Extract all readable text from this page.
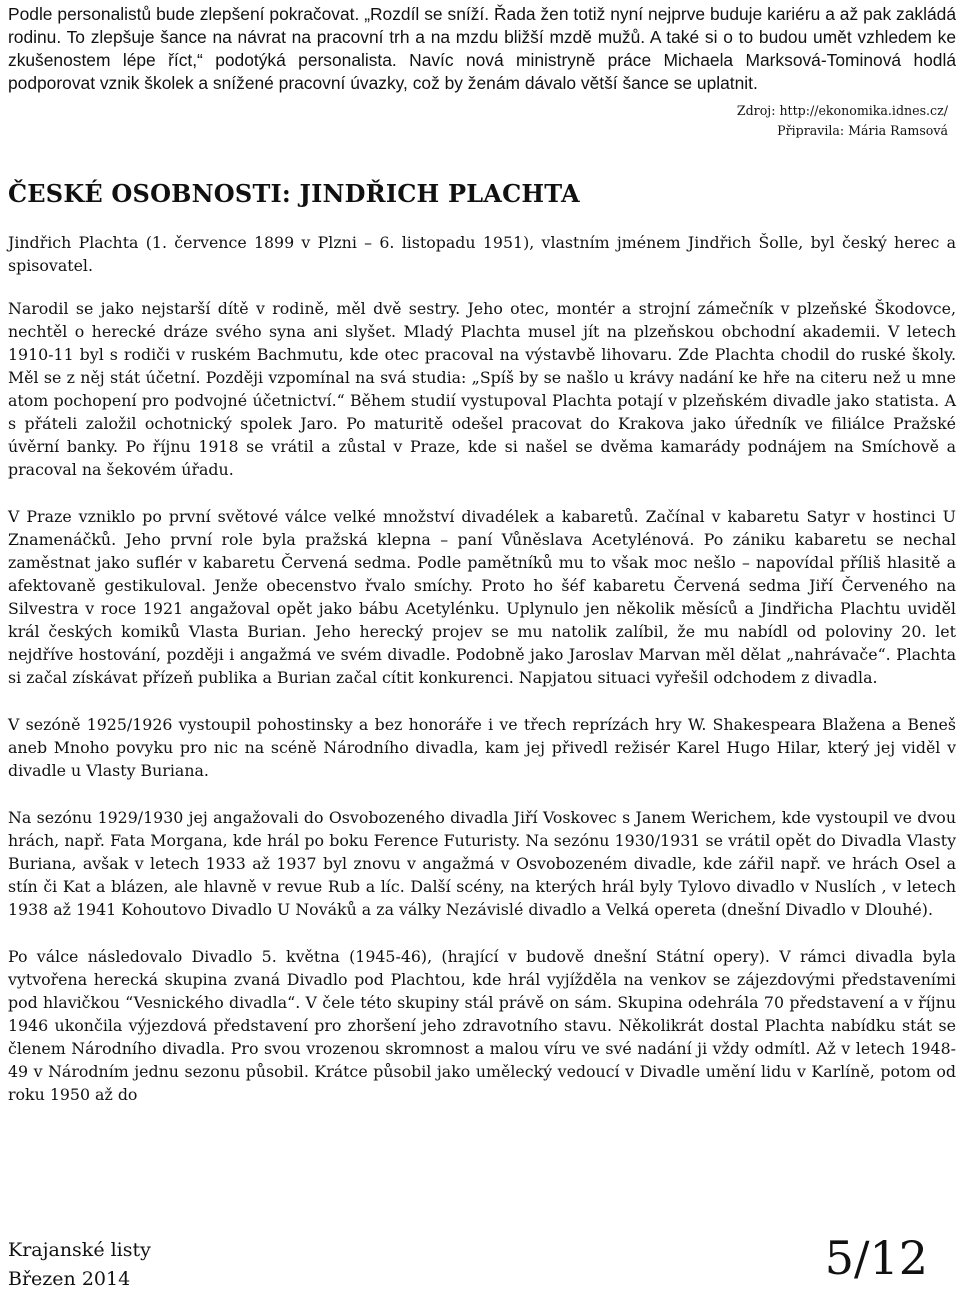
Podle personalistů bude zlepšení pokračovat. „Rozdíl se sníží. Řada žen totiž nyní nejprve buduje kariéru a až pak zakládá rodinu. To zlepšuje šance na návrat na pracovní trh a na mzdu bližší mzdě mužů. A také si o to budou umět vzhledem ke zkušenostem lépe říct,“ podotýká personalista. Navíc nová ministryně práce Michaela Marksová-Tominová hodlá podporovat vznik školek a snížené pracovní úvazky, což by ženám dávalo větší šance se uplatnit.

Zdroj: http://ekonomika.idnes.cz/

Připravila: Mária Ramsová

ČESKÉ OSOBNOSTI: JINDŘICH PLACHTA

Jindřich Plachta (1. července 1899 v Plzni – 6. listopadu 1951), vlastním jménem Jindřich Šolle, byl český herec a spisovatel.

Narodil se jako nejstarší dítě v rodině, měl dvě sestry. Jeho otec, montér a strojní zámečník v plzeňské Škodovce, nechtěl o herecké dráze svého syna ani slyšet. Mladý Plachta musel jít na plzeňskou obchodní akademii. V letech 1910-11 byl s rodiči v ruském Bachmutu, kde otec pracoval na výstavbě lihovaru. Zde Plachta chodil do ruské školy. Měl se z něj stát účetní. Později vzpomínal na svá studia: „Spíš by se našlo u krávy nadání ke hře na citeru než u mne atom pochopení pro podvojné účetnictví.“ Během studií vystupoval Plachta potají v plzeňském divadle jako statista. A s přáteli založil ochotnický spolek Jaro. Po maturitě odešel pracovat do Krakova jako úředník ve filiálce Pražské úvěrní banky. Po říjnu 1918 se vrátil a zůstal v Praze, kde si našel se dvěma kamarády podnájem na Smíchově a pracoval na šekovém úřadu.

V Praze vzniklo po první světové válce velké množství divadélek a kabaretů. Začínal v kabaretu Satyr v hostinci U Znamenáčků. Jeho první role byla pražská klepna – paní Vůněslava Acetylénová. Po zániku kabaretu se nechal zaměstnat jako suflér v kabaretu Červená sedma. Podle pamětníků mu to však moc nešlo – napovídal příliš hlasitě a afektovaně gestikuloval. Jenže obecenstvo řvalo smíchy. Proto ho šéf kabaretu Červená sedma Jiří Červeného na Silvestra v roce 1921 angažoval opět jako bábu Acetylénku. Uplynulo jen několik měsíců a Jindřicha Plachtu uviděl král českých komiků Vlasta Burian. Jeho herecký projev se mu natolik zalíbil, že mu nabídl od poloviny 20. let nejdříve hostování, později i angažmá ve svém divadle. Podobně jako Jaroslav Marvan měl dělat „nahrávače“. Plachta si začal získávat přízeň publika a Burian začal cítit konkurenci. Napjatou situaci vyřešil odchodem z divadla.

V sezóně 1925/1926 vystoupil pohostinsky a bez honoráře i ve třech reprízách hry W. Shakespeara Blažena a Beneš aneb Mnoho povyku pro nic na scéně Národního divadla, kam jej přivedl režisér Karel Hugo Hilar, který jej viděl v divadle u Vlasty Buriana.

Na sezónu 1929/1930 jej angažovali do Osvobozeného divadla Jiří Voskovec s Janem Werichem, kde vystoupil ve dvou hrách, např. Fata Morgana, kde hrál po boku Ference Futuristy. Na sezónu 1930/1931 se vrátil opět do Divadla Vlasty Buriana, avšak v letech 1933 až 1937 byl znovu v angažmá v Osvobozeném divadle, kde zářil např. ve hrách Osel a stín či Kat a blázen, ale hlavně v revue Rub a líc. Další scény, na kterých hrál byly Tylovo divadlo v Nuslích , v letech 1938 až 1941 Kohoutovo Divadlo U Nováků a za války Nezávislé divadlo a Velká opereta (dnešní Divadlo v Dlouhé).

Po válce následovalo Divadlo 5. května (1945-46), (hrající v budově dnešní Státní opery). V rámci divadla byla vytvořena herecká skupina zvaná Divadlo pod Plachtou, kde hrál vyjížděla na venkov se zájezdovými představeními pod hlavičkou “Vesnického divadla“. V čele této skupiny stál právě on sám. Skupina odehrála 70 představení a v říjnu 1946 ukončila výjezdová představení pro zhoršení jeho zdravotního stavu. Několikrát dostal Plachta nabídku stát se členem Národního divadla. Pro svou vrozenou skromnost a malou víru ve své nadání ji vždy odmítl. Až v letech 1948-49 v Národním jednu sezonu působil. Krátce působil jako umělecký vedoucí v Divadle umění lidu v Karlíně, potom od roku 1950 až do

Krajanské listy
Březen 2014	5/12
